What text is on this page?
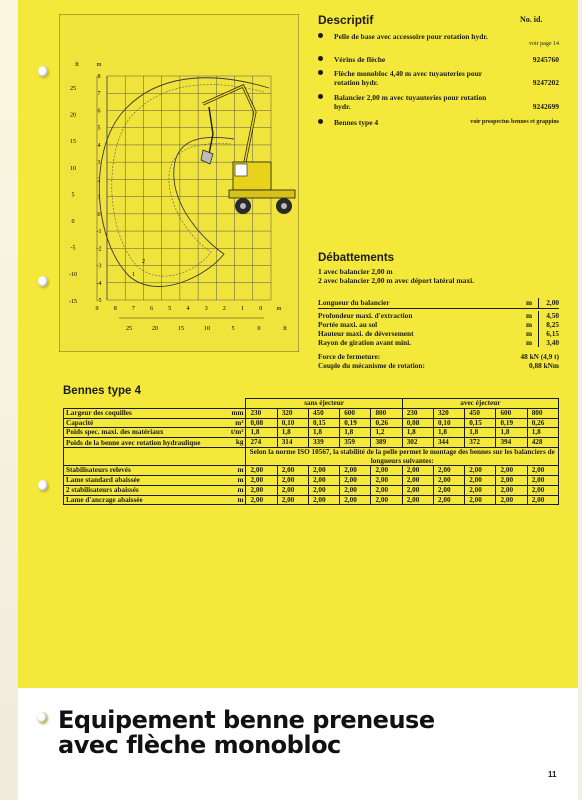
ft	m
8
7
6
5
4
3
2
1
0
-1
-2
-3
-4
-5
25
20
15
10
5
0
-5
-10
-15
9	8	7	6	5	4	3	2	1	0 m
25	20	15	10	5	0	ft
2
1
Descriptif	No. id.
Pelle de base avec accessoire pour rotation hydr.
voir page 14
Vérins de flèche	9245760
Flèche monobloc 4,40 m avec tuyauteries pour rotation hydr.	9247202
Balancier 2,00 m avec tuyauteries pour rotation hydr.	9242699
Bennes type 4	voir prospectus bennes et grappins
Débattements
1 avec balancier 2,00 m
2 avec balancier 2,00 m avec déport latéral maxi.
Longueur du balancier	m	2,00
Profondeur maxi. d'extraction	m	4,50
Portée maxi. au sol	m	8,25
Hauteur maxi. de déversement	m	6,15
Rayon de giration avant mini.	m	3,40
Force de fermeture:	48 kN (4,9 t)
Couple du mécanisme de rotation:	0,88 kNm
Bennes type 4
		sans éjecteur					avec éjecteur				
Largeur des coquilles	mm	230	320	450	600	800	230	320	450	600	800
Capacité	m³	0,08	0,10	0,15	0,19	0,26	0,08	0,10	0,15	0,19	0,26
Poids spec. maxi. des matériaux	t/m³	1,8	1,8	1,8	1,8	1,2	1,8	1,8	1,8	1,8	1,8
Poids de la benne avec rotation hydraulique	kg	274	314	339	359	389	302	344	372	394	428
		Selon la norme ISO 10567, la stabilité de la pelle permet le montage des bennes sur les balanciers de longueurs suivantes:									
Stabilisateurs relevés	m	2,00	2,00	2,00	2,00	2,00	2,00	2,00	2,00	2,00	2,00
Lame standard abaissée	m	2,00	2,00	2,00	2,00	2,00	2,00	2,00	2,00	2,00	2,00
2 stabilisateurs abaissés	m	2,00	2,00	2,00	2,00	2,00	2,00	2,00	2,00	2,00	2,00
Lame d'ancrage abaissée	m	2,00	2,00	2,00	2,00	2,00	2,00	2,00	2,00	2,00	2,00
Equipement benne preneuse
avec flèche monobloc
11
